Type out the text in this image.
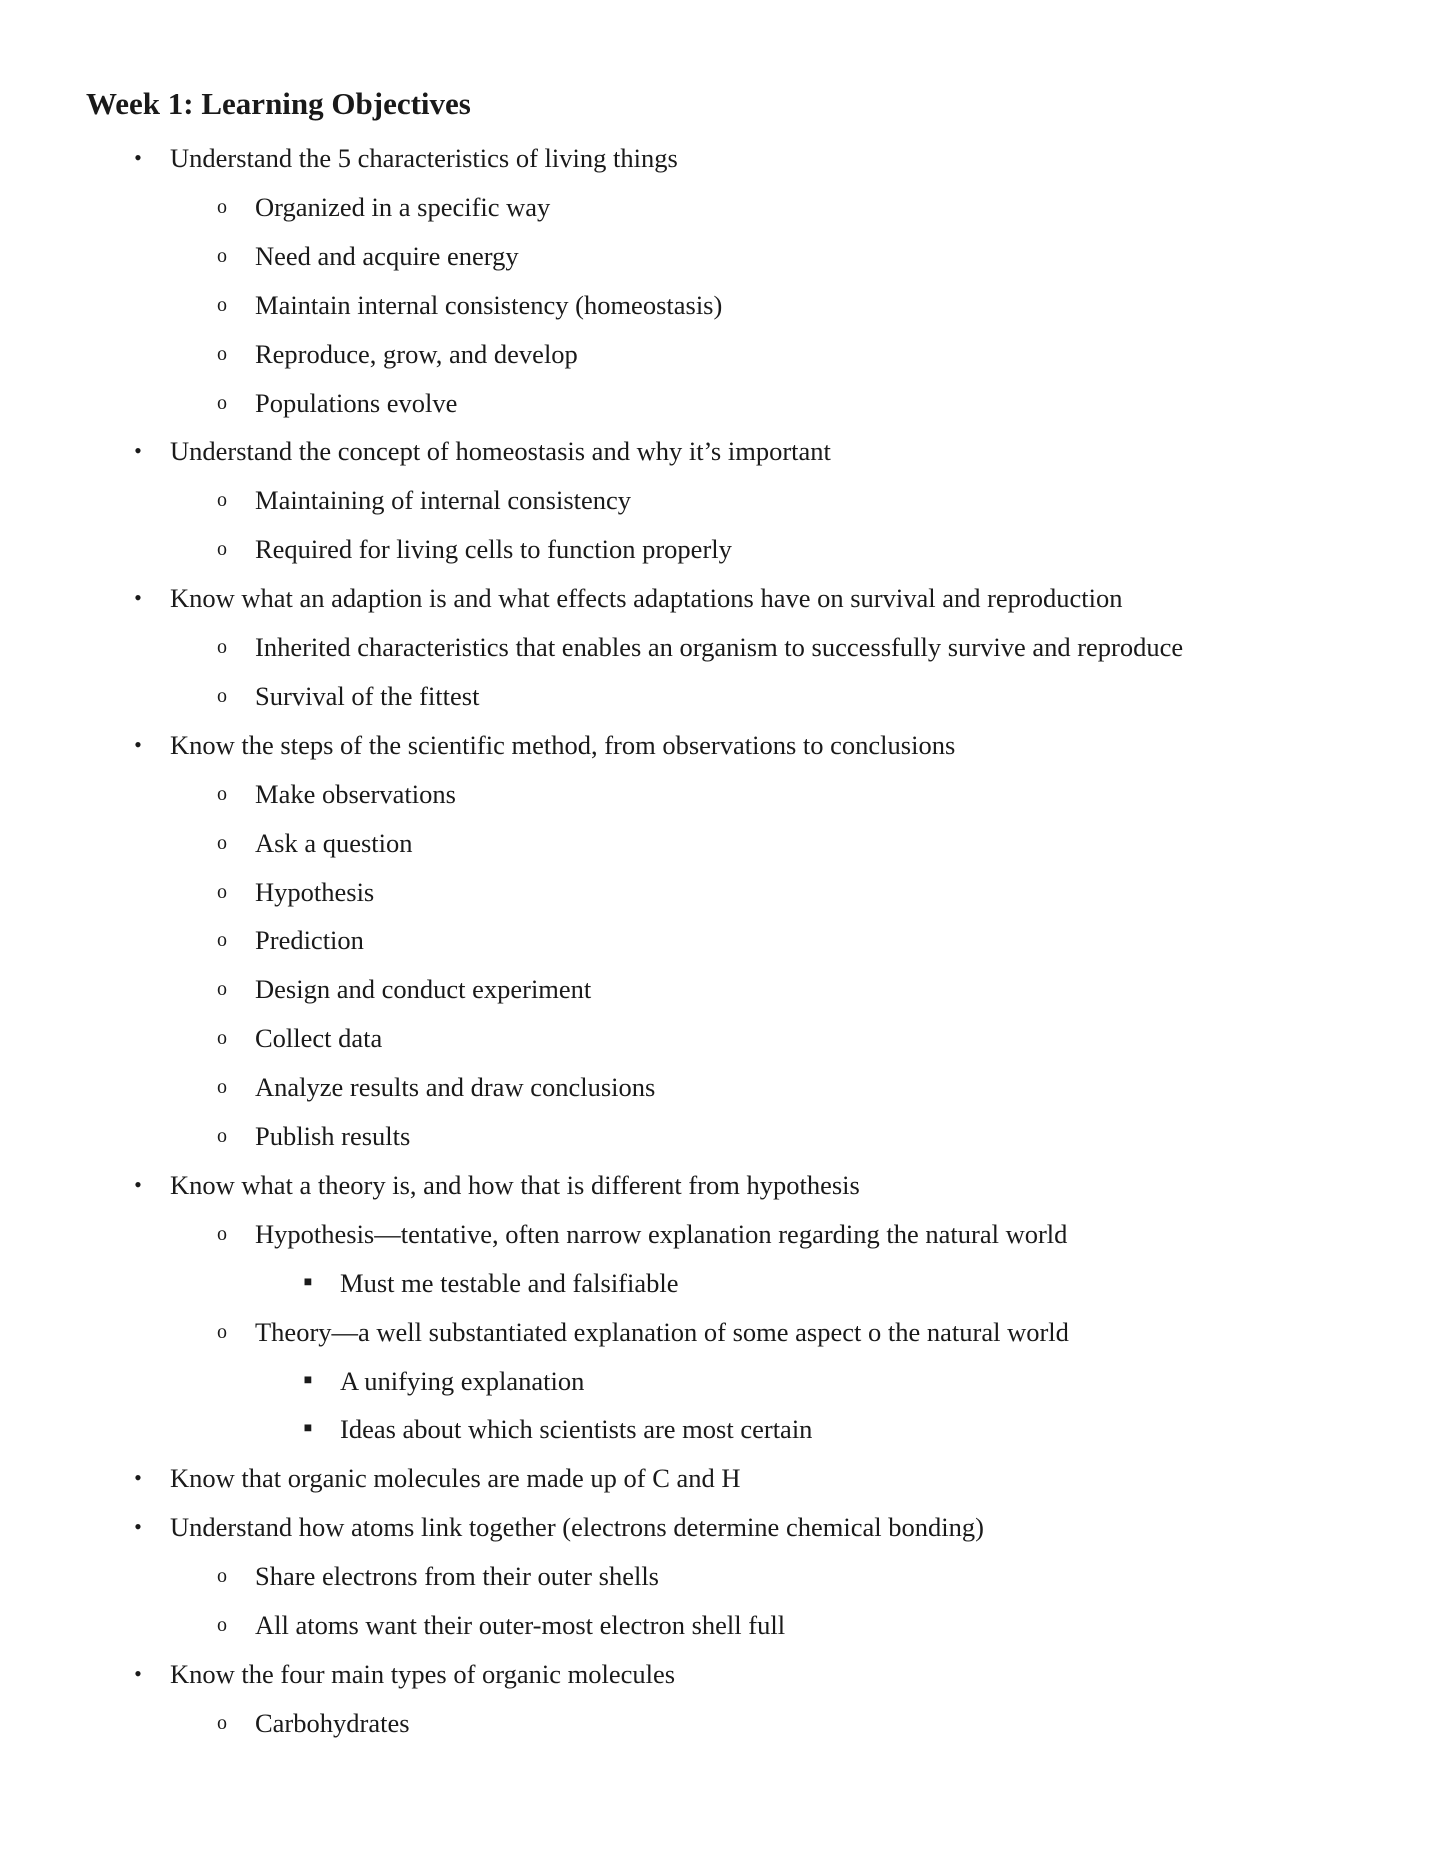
Week 1: Learning Objectives
• Understand the 5 characteristics of living things
o Organized in a specific way
o Need and acquire energy
o Maintain internal consistency (homeostasis)
o Reproduce, grow, and develop
o Populations evolve
• Understand the concept of homeostasis and why it’s important
o Maintaining of internal consistency
o Required for living cells to function properly
• Know what an adaption is and what effects adaptations have on survival and reproduction
o Inherited characteristics that enables an organism to successfully survive and reproduce
o Survival of the fittest
• Know the steps of the scientific method, from observations to conclusions
o Make observations
o Ask a question
o Hypothesis
o Prediction
o Design and conduct experiment
o Collect data
o Analyze results and draw conclusions
o Publish results
• Know what a theory is, and how that is different from hypothesis
o Hypothesis—tentative, often narrow explanation regarding the natural world
■ Must me testable and falsifiable
o Theory—a well substantiated explanation of some aspect o the natural world
■ A unifying explanation
■ Ideas about which scientists are most certain
• Know that organic molecules are made up of C and H
• Understand how atoms link together (electrons determine chemical bonding)
o Share electrons from their outer shells
o All atoms want their outer-most electron shell full
• Know the four main types of organic molecules
o Carbohydrates
